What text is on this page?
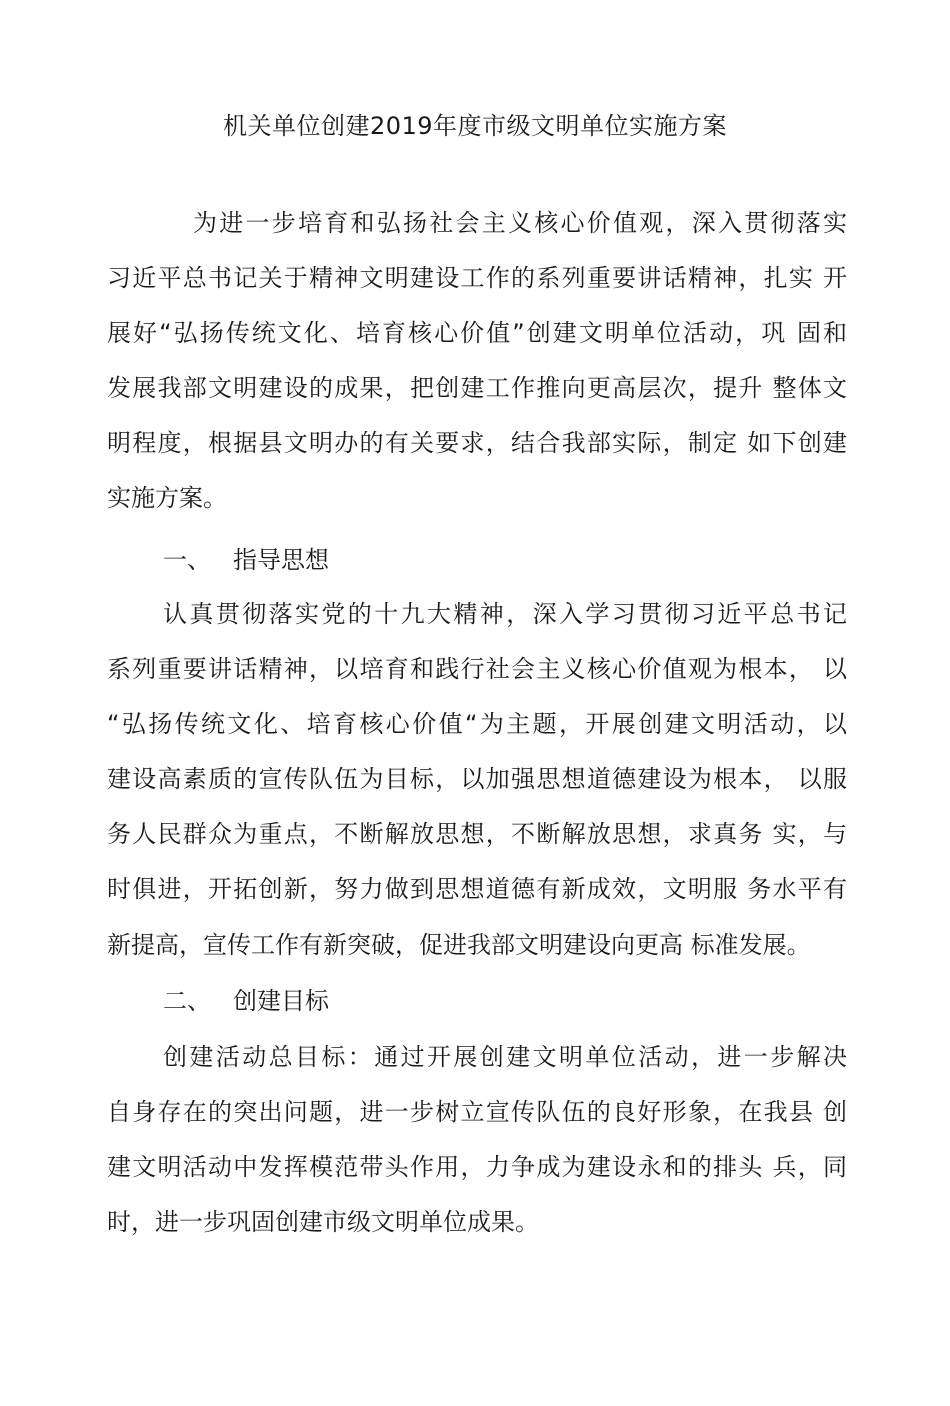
机关单位创建2019年度市级文明单位实施方案
为进一步培育和弘扬社会主义核心价值观，深入贯彻落实
习近平总书记关于精神文明建设工作的系列重要讲话精神，扎实 开
展好“弘扬传统文化、培育核心价值”创建文明单位活动，巩 固和
发展我部文明建设的成果，把创建工作推向更高层次，提升 整体文
明程度，根据县文明办的有关要求，结合我部实际，制定 如下创建
实施方案。
一、 指导思想
认真贯彻落实党的十九大精神，深入学习贯彻习近平总书记
系列重要讲话精神，以培育和践行社会主义核心价值观为根本， 以
“弘扬传统文化、培育核心价值“为主题，开展创建文明活动，以
建设高素质的宣传队伍为目标，以加强思想道德建设为根本， 以服
务人民群众为重点，不断解放思想，不断解放思想，求真务 实，与
时俱进，开拓创新，努力做到思想道德有新成效，文明服 务水平有
新提高，宣传工作有新突破，促进我部文明建设向更高 标准发展。
二、 创建目标
创建活动总目标：通过开展创建文明单位活动，进一步解决
自身存在的突出问题，进一步树立宣传队伍的良好形象，在我县 创
建文明活动中发挥模范带头作用，力争成为建设永和的排头 兵，同
时，进一步巩固创建市级文明单位成果。
